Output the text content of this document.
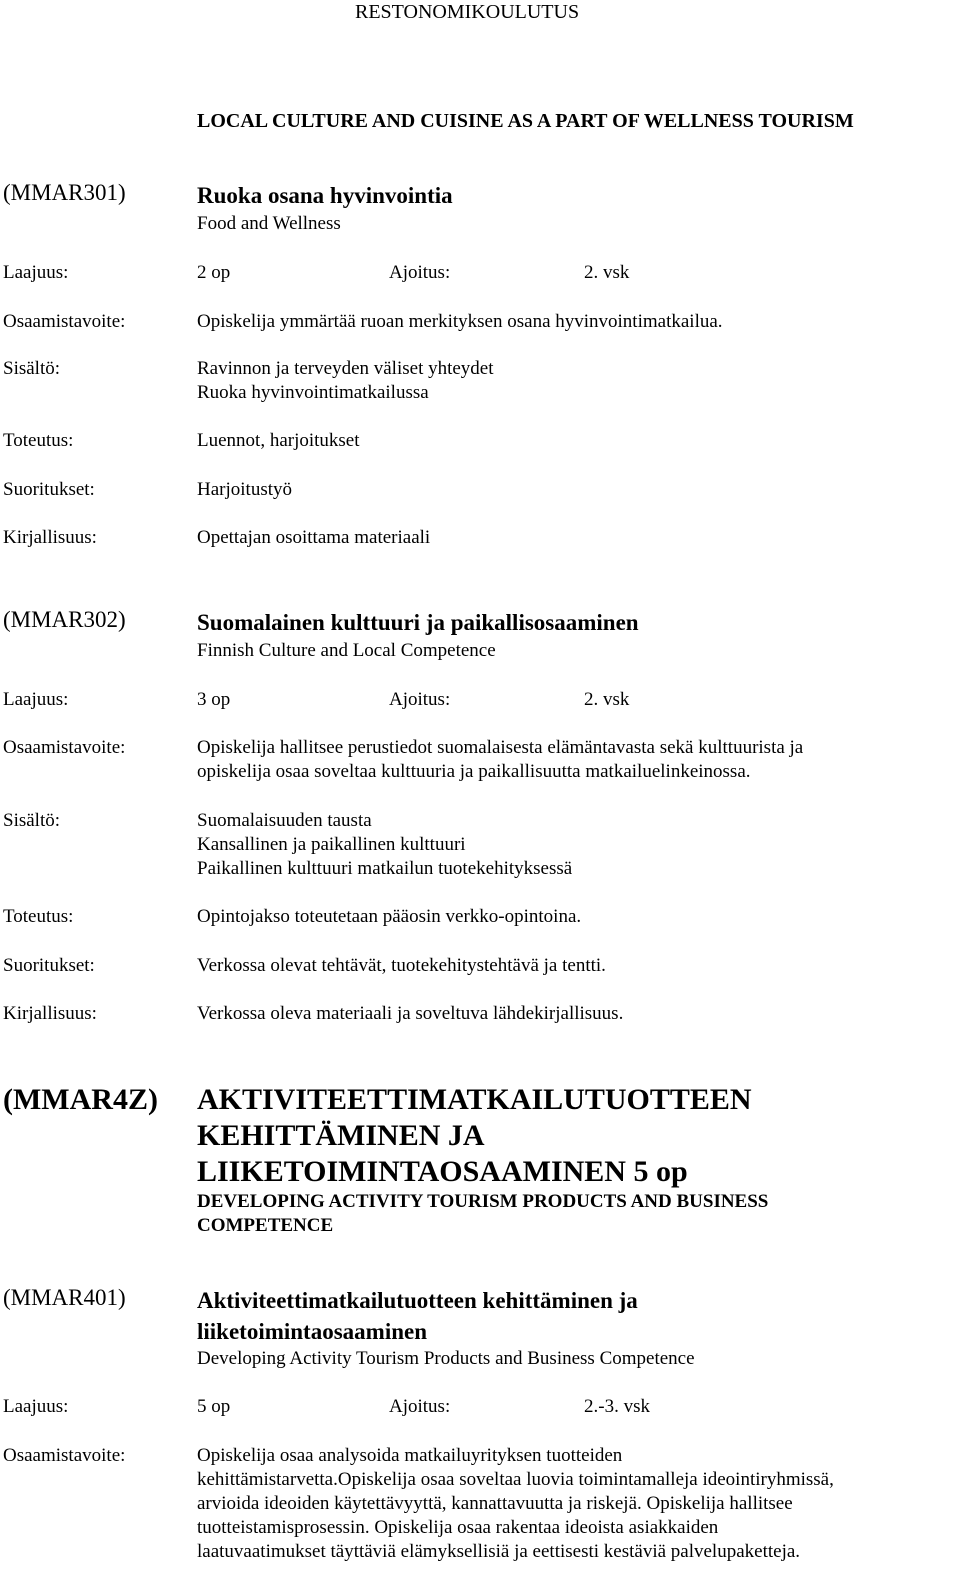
RESTONOMIKOULUTUS
LOCAL CULTURE AND CUISINE AS A PART OF WELLNESS TOURISM
(MMAR301)	Ruoka osana hyvinvointia
Food and Wellness
Laajuus:	2 op	Ajoitus:	2. vsk
Osaamistavoite:	Opiskelija ymmärtää ruoan merkityksen osana hyvinvointimatkailua.
Sisältö:	Ravinnon ja terveyden väliset yhteydet
Ruoka hyvinvointimatkailussa
Toteutus:	Luennot, harjoitukset
Suoritukset:	Harjoitustyö
Kirjallisuus:	Opettajan osoittama materiaali
(MMAR302)	Suomalainen kulttuuri ja paikallisosaaminen
Finnish Culture and Local Competence
Laajuus:	3 op	Ajoitus:	2. vsk
Osaamistavoite:	Opiskelija hallitsee perustiedot suomalaisesta elämäntavasta sekä kulttuurista ja
opiskelija osaa soveltaa kulttuuria ja paikallisuutta matkailuelinkeinossa.
Sisältö:	Suomalaisuuden tausta
Kansallinen ja paikallinen kulttuuri
Paikallinen kulttuuri matkailun tuotekehityksessä
Toteutus:	Opintojakso toteutetaan pääosin verkko-opintoina.
Suoritukset:	Verkossa olevat tehtävät, tuotekehitystehtävä ja tentti.
Kirjallisuus:	Verkossa oleva materiaali ja soveltuva lähdekirjallisuus.
(MMAR4Z) AKTIVITEETTIMATKAILUTUOTTEEN
KEHITTÄMINEN JA
LIIKETOIMINTAOSAAMINEN 5 op
DEVELOPING ACTIVITY TOURISM PRODUCTS AND BUSINESS
COMPETENCE
(MMAR401)	Aktiviteettimatkailutuotteen kehittäminen ja
liiketoimintaosaaminen
Developing Activity Tourism Products and Business Competence
Laajuus:	5 op	Ajoitus:	2.-3. vsk
Osaamistavoite:	Opiskelija osaa analysoida matkailuyrityksen tuotteiden
kehittämistarvetta.Opiskelija osaa soveltaa luovia toimintamalleja ideointiryhmissä,
arvioida ideoiden käytettävyyttä, kannattavuutta ja riskejä. Opiskelija hallitsee
tuotteistamisprosessin. Opiskelija osaa rakentaa ideoista asiakkaiden
laatuvaatimukset täyttäviä elämyksellisiä ja eettisesti kestäviä palvelupaketteja.
